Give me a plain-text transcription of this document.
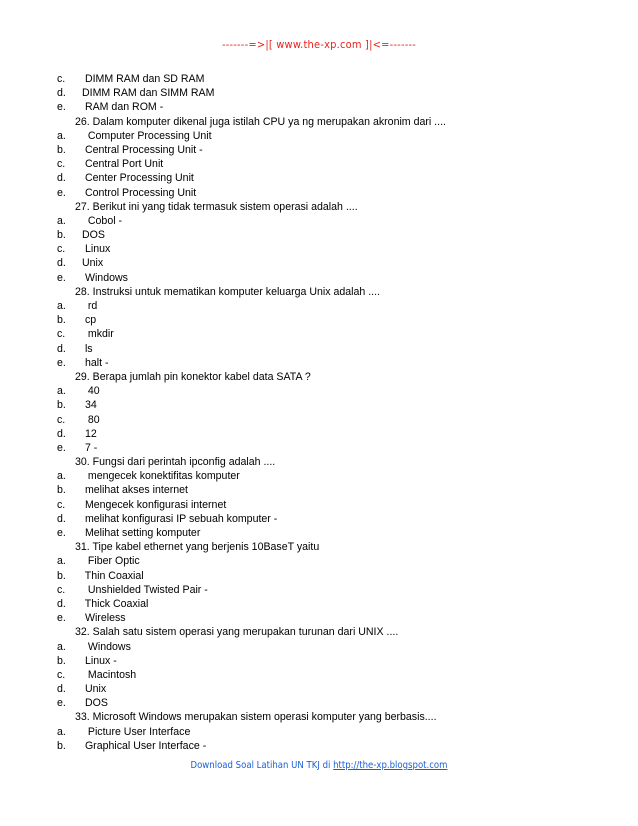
-------=>|[ www.the-xp.com ]|<=-------
c. DIMM RAM dan SD RAM
d. DIMM RAM dan SIMM RAM
e. RAM dan ROM -
26. Dalam komputer dikenal juga istilah CPU ya ng merupakan akronim dari ....
a. Computer Processing Unit
b. Central Processing Unit -
c. Central Port Unit
d. Center Processing Unit
e. Control Processing Unit
27. Berikut ini yang tidak termasuk sistem operasi adalah ....
a. Cobol -
b. DOS
c. Linux
d. Unix
e. Windows
28. Instruksi untuk mematikan komputer keluarga Unix adalah ....
a. rd
b. cp
c. mkdir
d. ls
e. halt -
29. Berapa jumlah pin konektor kabel data SATA ?
a. 40
b. 34
c. 80
d. 12
e. 7 -
30. Fungsi dari perintah ipconfig adalah ....
a. mengecek konektifitas komputer
b. melihat akses internet
c. Mengecek konfigurasi internet
d. melihat konfigurasi IP sebuah komputer -
e. Melihat setting komputer
31. Tipe kabel ethernet yang berjenis 10BaseT yaitu
a. Fiber Optic
b. Thin Coaxial
c. Unshielded Twisted Pair -
d. Thick Coaxial
e. Wireless
32. Salah satu sistem operasi yang merupakan turunan dari UNIX ....
a. Windows
b. Linux -
c. Macintosh
d. Unix
e. DOS
33. Microsoft Windows merupakan sistem operasi komputer yang berbasis....
a. Picture User Interface
b. Graphical User Interface -
Download Soal Latihan UN TKJ di http://the-xp.blogspot.com
